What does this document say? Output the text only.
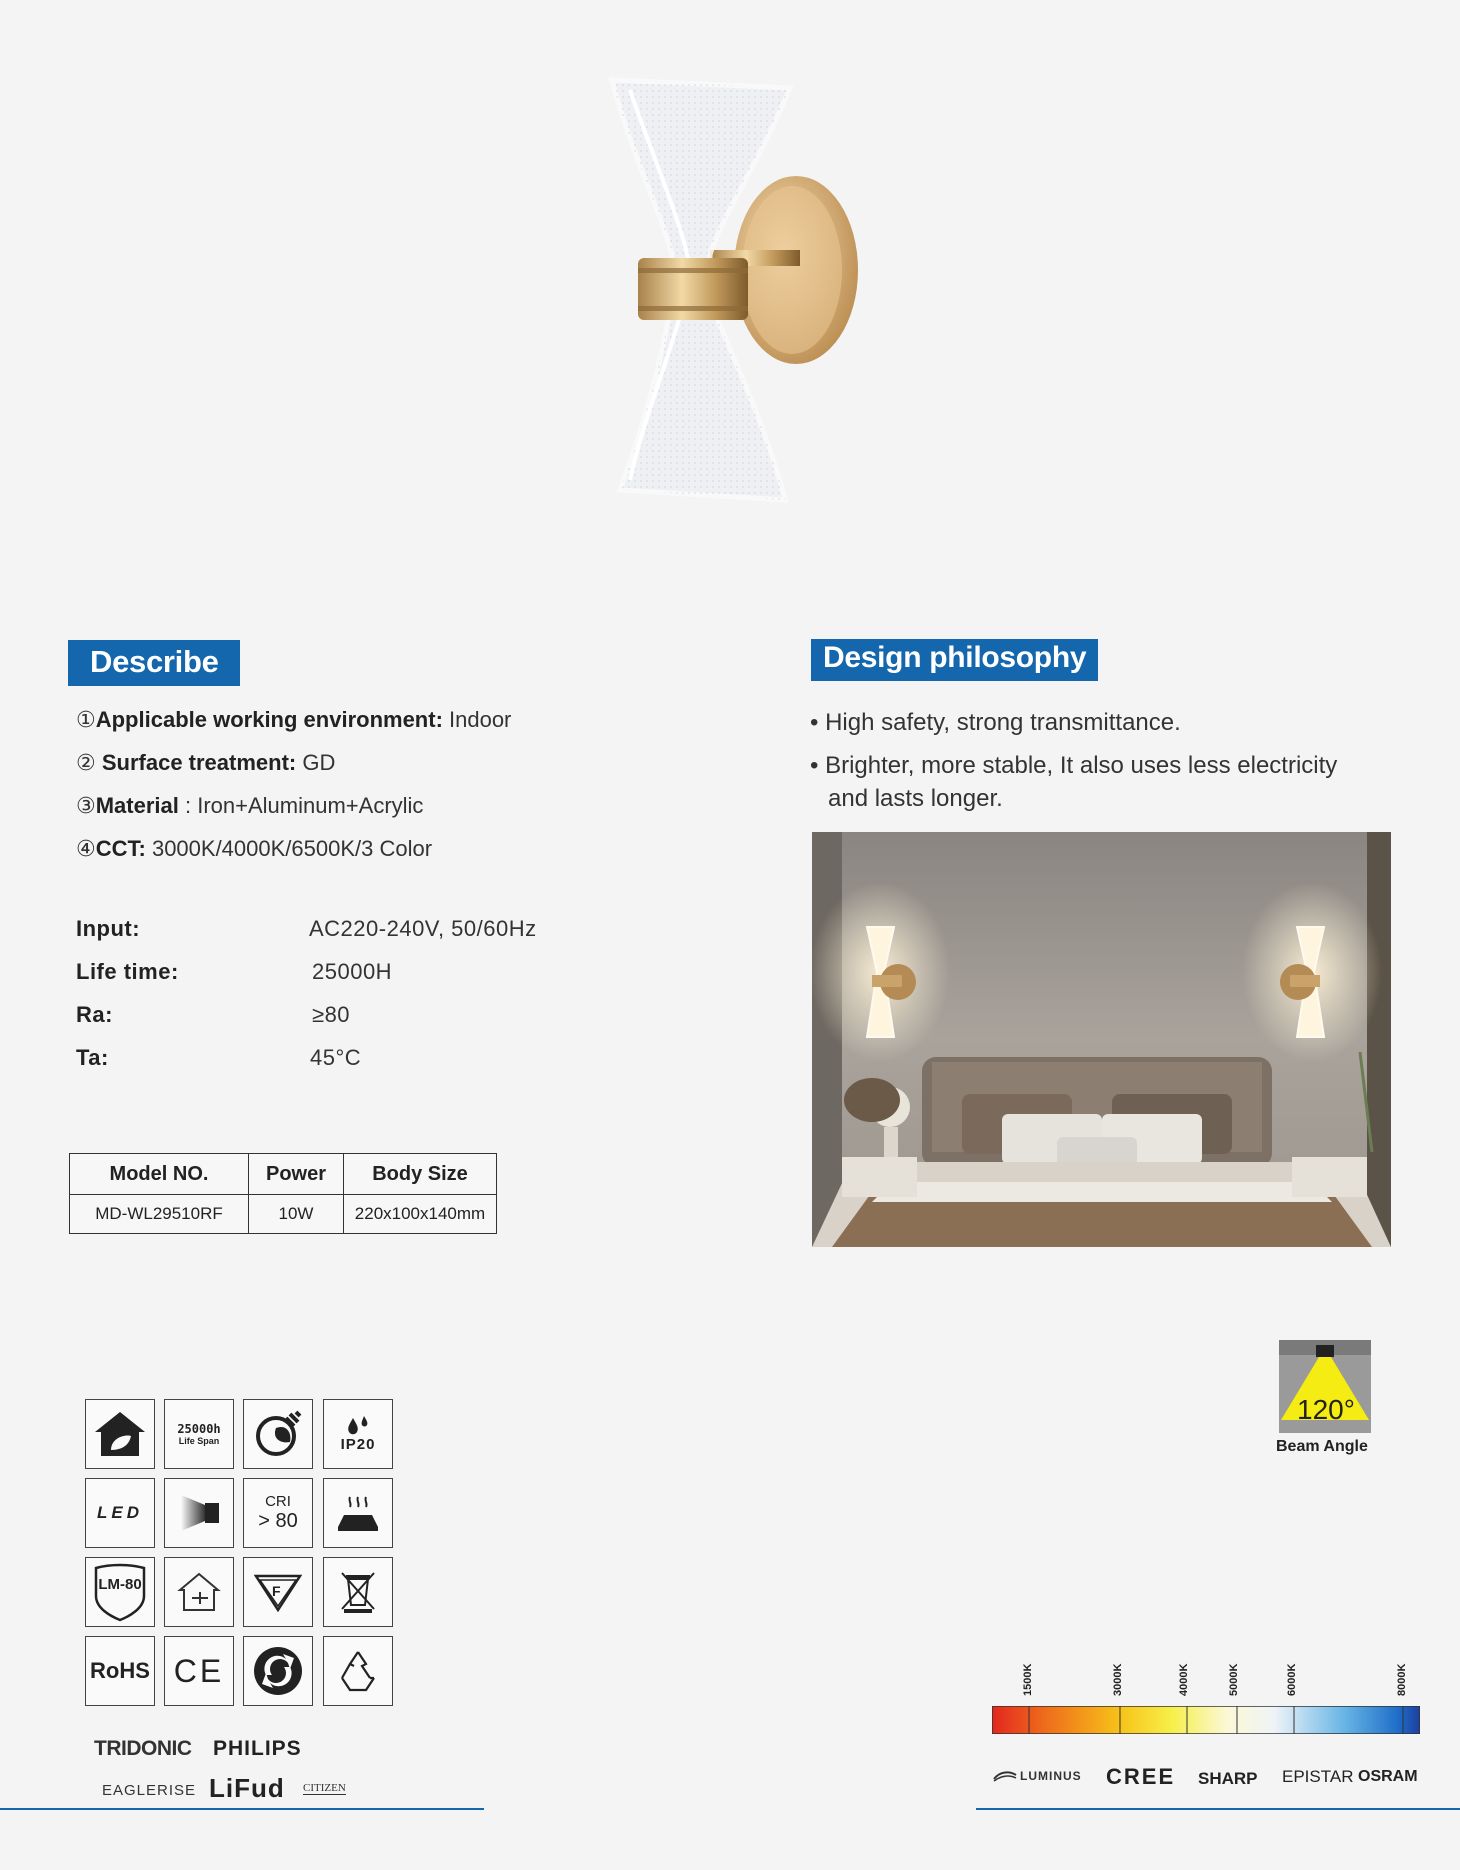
Describe
①Applicable working environment: Indoor
② Surface treatment: GD
③Material : Iron+Aluminum+Acrylic
④CCT: 3000K/4000K/6500K/3 Color
Input:	AC220-240V, 50/60Hz
Life time:	25000H
Ra:	≥80
Ta:	45°C
Model NO.	Power	Body Size
MD-WL29510RF	10W	220x100x140mm
Design philosophy
• High safety, strong transmittance.
• Brighter, more stable, It also uses less electricity
and lasts longer.
120°
Beam Angle
25000h
Life Span	IP20
LED
CRI
> 80
LM-80	F
RoHS CE
TRIDONIC PHILIPS
EAGLERISE LiFud CITIZEN
1500K	3000K	4000K	5000K	6000K	8000K
LUMINUS CREE SHARP EPISTAR OSRAM
